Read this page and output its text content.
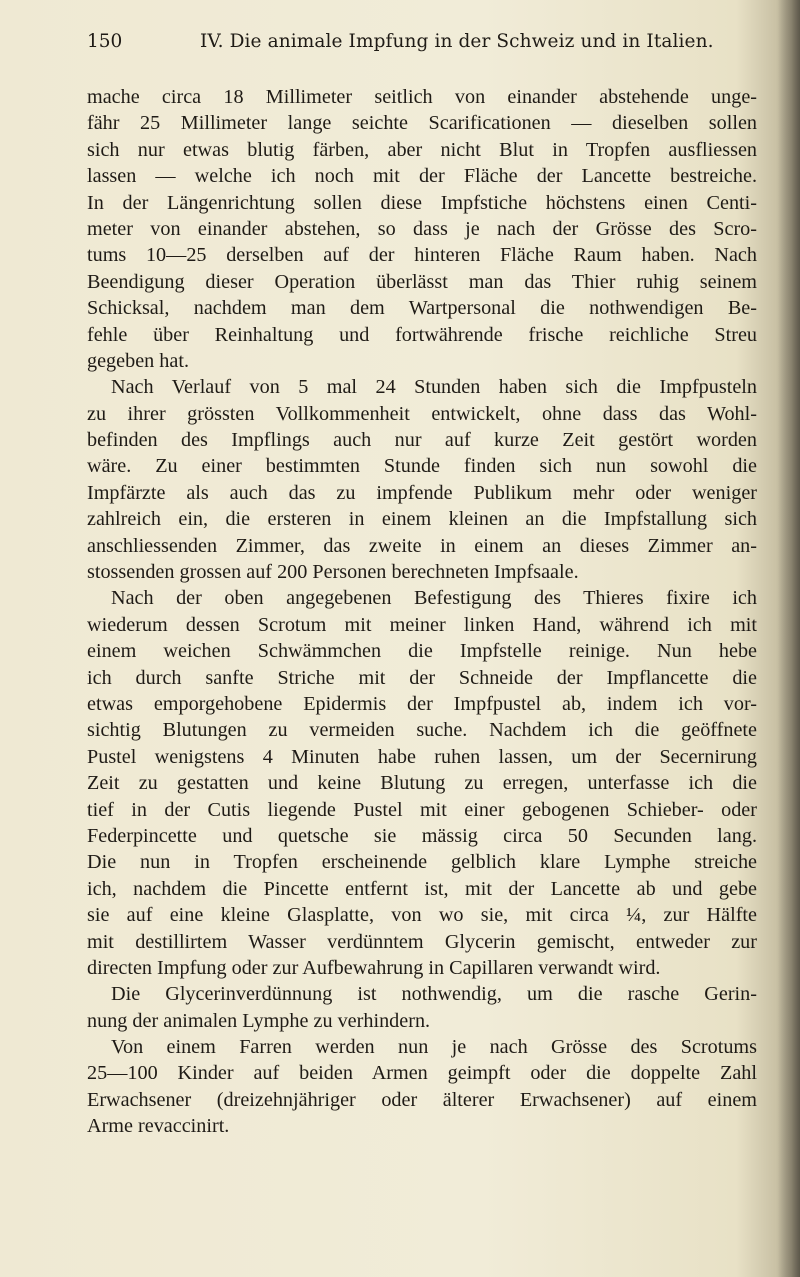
150	IV. Die animale Impfung in der Schweiz und in Italien.
mache circa 18 Millimeter seitlich von einander abstehende unge-
fähr 25 Millimeter lange seichte Scarificationen — dieselben sollen
sich nur etwas blutig färben, aber nicht Blut in Tropfen ausfliessen
lassen — welche ich noch mit der Fläche der Lancette bestreiche.
In der Längenrichtung sollen diese Impfstiche höchstens einen Centi-
meter von einander abstehen, so dass je nach der Grösse des Scro-
tums 10—25 derselben auf der hinteren Fläche Raum haben. Nach
Beendigung dieser Operation überlässt man das Thier ruhig seinem
Schicksal, nachdem man dem Wartpersonal die nothwendigen Be-
fehle über Reinhaltung und fortwährende frische reichliche Streu
gegeben hat.
Nach Verlauf von 5 mal 24 Stunden haben sich die Impfpusteln
zu ihrer grössten Vollkommenheit entwickelt, ohne dass das Wohl-
befinden des Impflings auch nur auf kurze Zeit gestört worden
wäre. Zu einer bestimmten Stunde finden sich nun sowohl die
Impfärzte als auch das zu impfende Publikum mehr oder weniger
zahlreich ein, die ersteren in einem kleinen an die Impfstallung sich
anschliessenden Zimmer, das zweite in einem an dieses Zimmer an-
stossenden grossen auf 200 Personen berechneten Impfsaale.
Nach der oben angegebenen Befestigung des Thieres fixire ich
wiederum dessen Scrotum mit meiner linken Hand, während ich mit
einem weichen Schwämmchen die Impfstelle reinige. Nun hebe
ich durch sanfte Striche mit der Schneide der Impflancette die
etwas emporgehobene Epidermis der Impfpustel ab, indem ich vor-
sichtig Blutungen zu vermeiden suche. Nachdem ich die geöffnete
Pustel wenigstens 4 Minuten habe ruhen lassen, um der Secernirung
Zeit zu gestatten und keine Blutung zu erregen, unterfasse ich die
tief in der Cutis liegende Pustel mit einer gebogenen Schieber- oder
Federpincette und quetsche sie mässig circa 50 Secunden lang.
Die nun in Tropfen erscheinende gelblich klare Lymphe streiche
ich, nachdem die Pincette entfernt ist, mit der Lancette ab und gebe
sie auf eine kleine Glasplatte, von wo sie, mit circa ¼, zur Hälfte
mit destillirtem Wasser verdünntem Glycerin gemischt, entweder zur
directen Impfung oder zur Aufbewahrung in Capillaren verwandt wird.
Die Glycerinverdünnung ist nothwendig, um die rasche Gerin-
nung der animalen Lymphe zu verhindern.
Von einem Farren werden nun je nach Grösse des Scrotums
25—100 Kinder auf beiden Armen geimpft oder die doppelte Zahl
Erwachsener (dreizehnjähriger oder älterer Erwachsener) auf einem
Arme revaccinirt.
